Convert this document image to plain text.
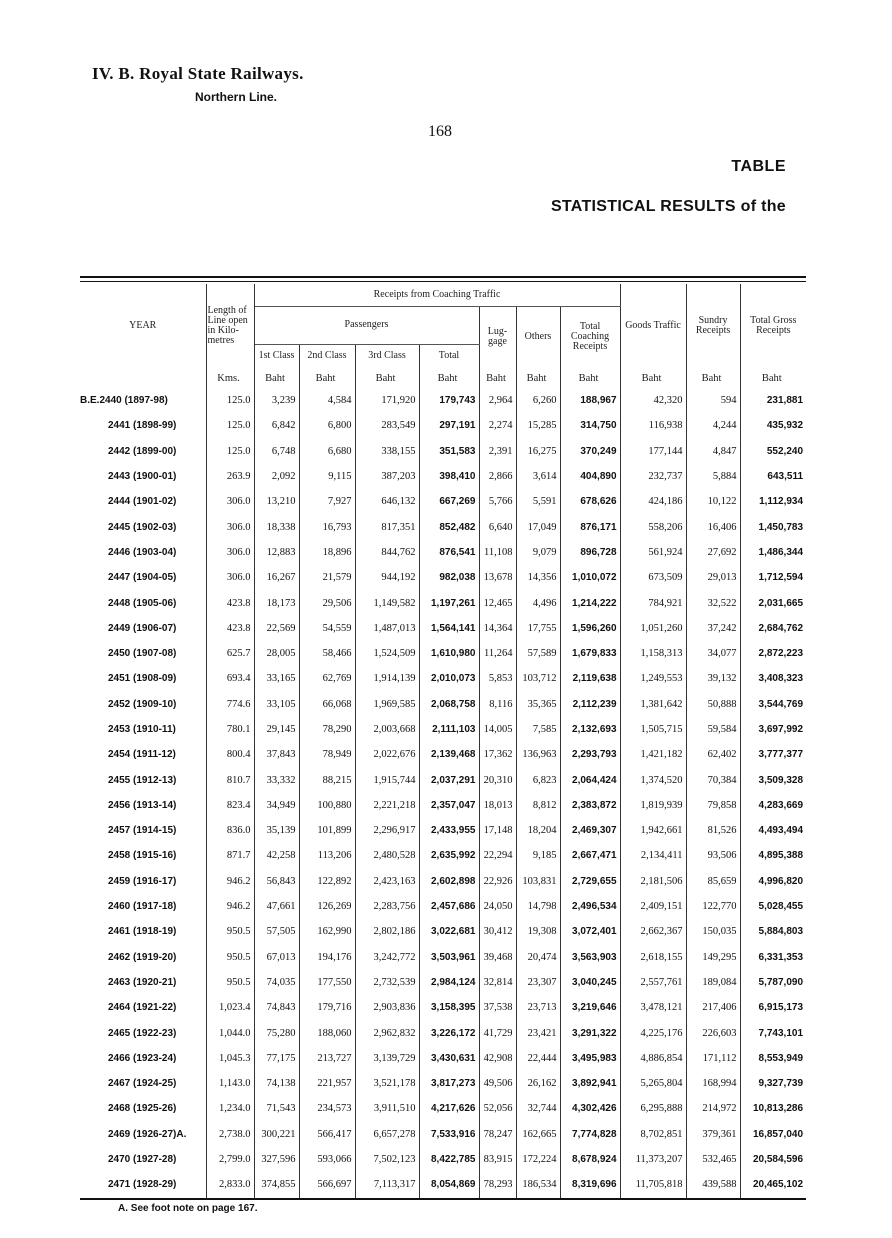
IV. B. Royal State Railways.
Northern Line.
168
TABLE
STATISTICAL RESULTS of the
YEAR	Length of Line open in Kilo-metres	Receipts from Coaching Traffic							Goods Traffic	Sundry Receipts	Total Gross Receipts
		Passengers				Lug-gage	Others	Total Coaching Receipts			
		1st Class	2nd Class	3rd Class	Total						
	Kms.	Baht	Baht	Baht	Baht	Baht	Baht	Baht	Baht	Baht	Baht
B.E.2440 (1897-98)	125.0	3,239	4,584	171,920	179,743	2,964	6,260	188,967	42,320	594	231,881
2441 (1898-99)	125.0	6,842	6,800	283,549	297,191	2,274	15,285	314,750	116,938	4,244	435,932
2442 (1899-00)	125.0	6,748	6,680	338,155	351,583	2,391	16,275	370,249	177,144	4,847	552,240
2443 (1900-01)	263.9	2,092	9,115	387,203	398,410	2,866	3,614	404,890	232,737	5,884	643,511
2444 (1901-02)	306.0	13,210	7,927	646,132	667,269	5,766	5,591	678,626	424,186	10,122	1,112,934
2445 (1902-03)	306.0	18,338	16,793	817,351	852,482	6,640	17,049	876,171	558,206	16,406	1,450,783
2446 (1903-04)	306.0	12,883	18,896	844,762	876,541	11,108	9,079	896,728	561,924	27,692	1,486,344
2447 (1904-05)	306.0	16,267	21,579	944,192	982,038	13,678	14,356	1,010,072	673,509	29,013	1,712,594
2448 (1905-06)	423.8	18,173	29,506	1,149,582	1,197,261	12,465	4,496	1,214,222	784,921	32,522	2,031,665
2449 (1906-07)	423.8	22,569	54,559	1,487,013	1,564,141	14,364	17,755	1,596,260	1,051,260	37,242	2,684,762
2450 (1907-08)	625.7	28,005	58,466	1,524,509	1,610,980	11,264	57,589	1,679,833	1,158,313	34,077	2,872,223
2451 (1908-09)	693.4	33,165	62,769	1,914,139	2,010,073	5,853	103,712	2,119,638	1,249,553	39,132	3,408,323
2452 (1909-10)	774.6	33,105	66,068	1,969,585	2,068,758	8,116	35,365	2,112,239	1,381,642	50,888	3,544,769
2453 (1910-11)	780.1	29,145	78,290	2,003,668	2,111,103	14,005	7,585	2,132,693	1,505,715	59,584	3,697,992
2454 (1911-12)	800.4	37,843	78,949	2,022,676	2,139,468	17,362	136,963	2,293,793	1,421,182	62,402	3,777,377
2455 (1912-13)	810.7	33,332	88,215	1,915,744	2,037,291	20,310	6,823	2,064,424	1,374,520	70,384	3,509,328
2456 (1913-14)	823.4	34,949	100,880	2,221,218	2,357,047	18,013	8,812	2,383,872	1,819,939	79,858	4,283,669
2457 (1914-15)	836.0	35,139	101,899	2,296,917	2,433,955	17,148	18,204	2,469,307	1,942,661	81,526	4,493,494
2458 (1915-16)	871.7	42,258	113,206	2,480,528	2,635,992	22,294	9,185	2,667,471	2,134,411	93,506	4,895,388
2459 (1916-17)	946.2	56,843	122,892	2,423,163	2,602,898	22,926	103,831	2,729,655	2,181,506	85,659	4,996,820
2460 (1917-18)	946.2	47,661	126,269	2,283,756	2,457,686	24,050	14,798	2,496,534	2,409,151	122,770	5,028,455
2461 (1918-19)	950.5	57,505	162,990	2,802,186	3,022,681	30,412	19,308	3,072,401	2,662,367	150,035	5,884,803
2462 (1919-20)	950.5	67,013	194,176	3,242,772	3,503,961	39,468	20,474	3,563,903	2,618,155	149,295	6,331,353
2463 (1920-21)	950.5	74,035	177,550	2,732,539	2,984,124	32,814	23,307	3,040,245	2,557,761	189,084	5,787,090
2464 (1921-22)	1,023.4	74,843	179,716	2,903,836	3,158,395	37,538	23,713	3,219,646	3,478,121	217,406	6,915,173
2465 (1922-23)	1,044.0	75,280	188,060	2,962,832	3,226,172	41,729	23,421	3,291,322	4,225,176	226,603	7,743,101
2466 (1923-24)	1,045.3	77,175	213,727	3,139,729	3,430,631	42,908	22,444	3,495,983	4,886,854	171,112	8,553,949
2467 (1924-25)	1,143.0	74,138	221,957	3,521,178	3,817,273	49,506	26,162	3,892,941	5,265,804	168,994	9,327,739
2468 (1925-26)	1,234.0	71,543	234,573	3,911,510	4,217,626	52,056	32,744	4,302,426	6,295,888	214,972	10,813,286
2469 (1926-27)A.	2,738.0	300,221	566,417	6,657,278	7,533,916	78,247	162,665	7,774,828	8,702,851	379,361	16,857,040
2470 (1927-28)	2,799.0	327,596	593,066	7,502,123	8,422,785	83,915	172,224	8,678,924	11,373,207	532,465	20,584,596
2471 (1928-29)	2,833.0	374,855	566,697	7,113,317	8,054,869	78,293	186,534	8,319,696	11,705,818	439,588	20,465,102
A. See foot note on page 167.
